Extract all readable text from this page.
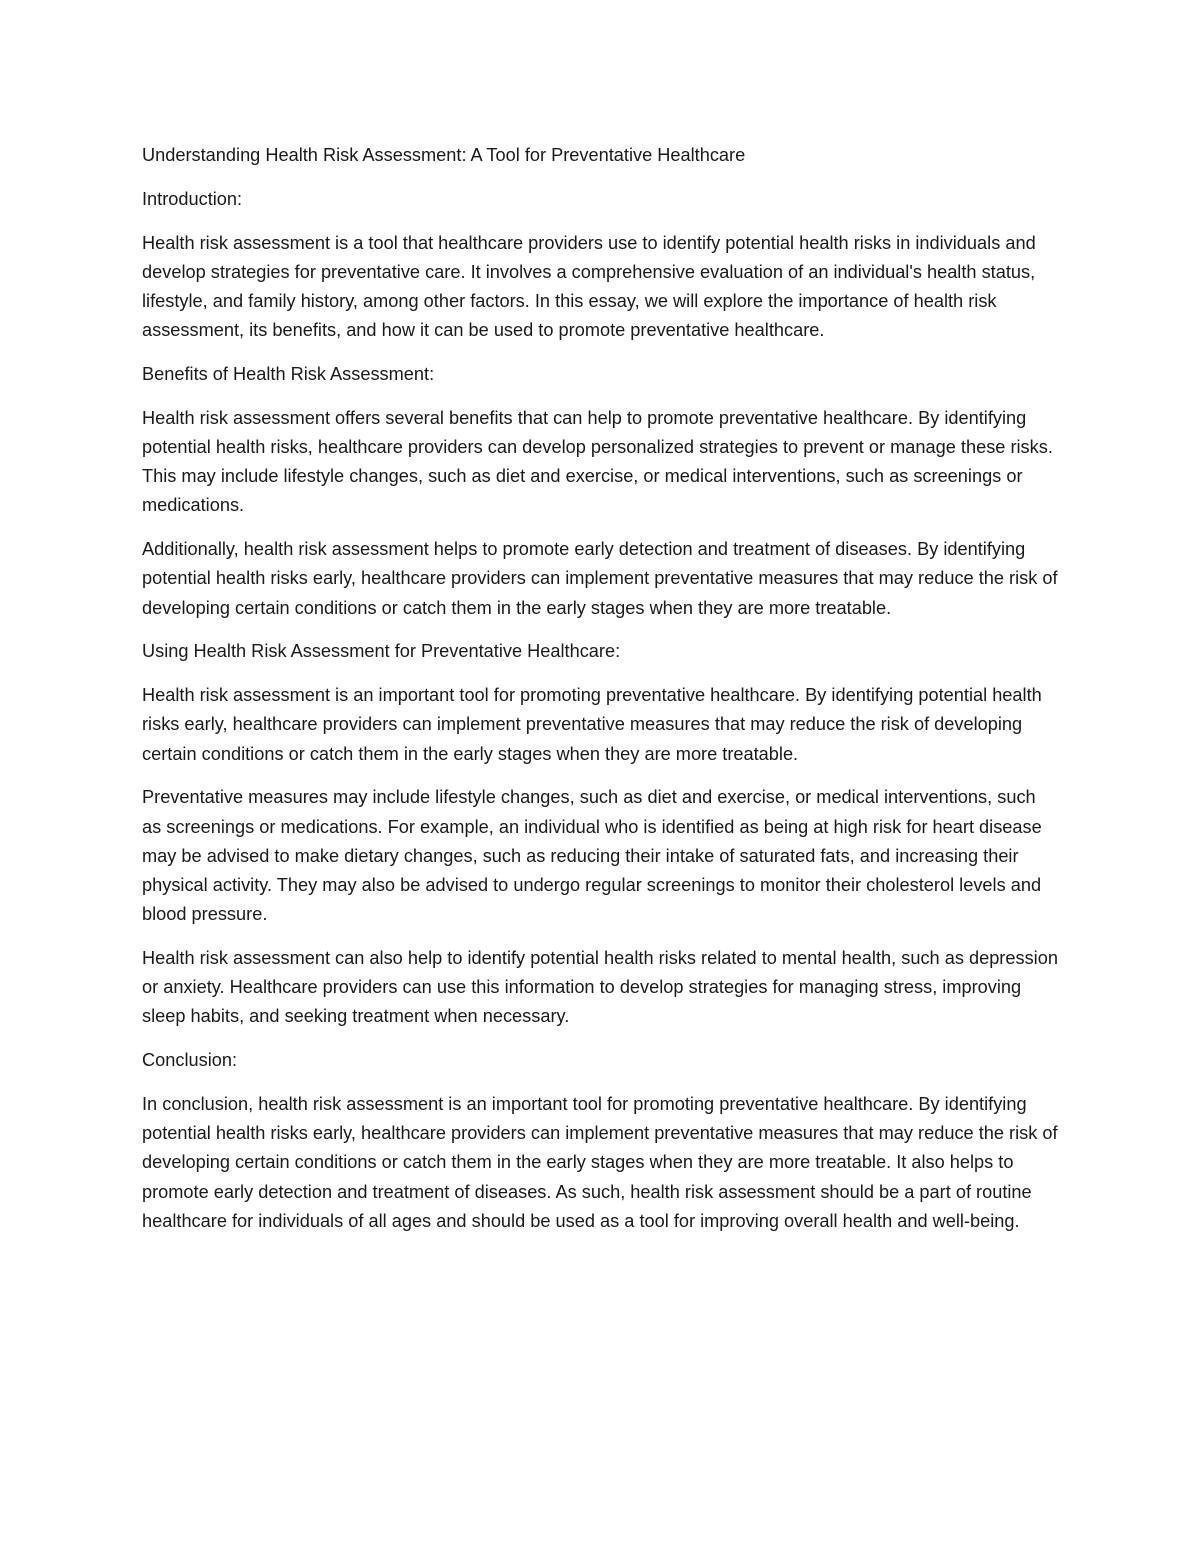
Understanding Health Risk Assessment: A Tool for Preventative Healthcare

Introduction:

Health risk assessment is a tool that healthcare providers use to identify potential health risks in individuals and develop strategies for preventative care. It involves a comprehensive evaluation of an individual's health status, lifestyle, and family history, among other factors. In this essay, we will explore the importance of health risk assessment, its benefits, and how it can be used to promote preventative healthcare.

Benefits of Health Risk Assessment:

Health risk assessment offers several benefits that can help to promote preventative healthcare. By identifying potential health risks, healthcare providers can develop personalized strategies to prevent or manage these risks. This may include lifestyle changes, such as diet and exercise, or medical interventions, such as screenings or medications.

Additionally, health risk assessment helps to promote early detection and treatment of diseases. By identifying potential health risks early, healthcare providers can implement preventative measures that may reduce the risk of developing certain conditions or catch them in the early stages when they are more treatable.

Using Health Risk Assessment for Preventative Healthcare:

Health risk assessment is an important tool for promoting preventative healthcare. By identifying potential health risks early, healthcare providers can implement preventative measures that may reduce the risk of developing certain conditions or catch them in the early stages when they are more treatable.

Preventative measures may include lifestyle changes, such as diet and exercise, or medical interventions, such as screenings or medications. For example, an individual who is identified as being at high risk for heart disease may be advised to make dietary changes, such as reducing their intake of saturated fats, and increasing their physical activity. They may also be advised to undergo regular screenings to monitor their cholesterol levels and blood pressure.

Health risk assessment can also help to identify potential health risks related to mental health, such as depression or anxiety. Healthcare providers can use this information to develop strategies for managing stress, improving sleep habits, and seeking treatment when necessary.

Conclusion:

In conclusion, health risk assessment is an important tool for promoting preventative healthcare. By identifying potential health risks early, healthcare providers can implement preventative measures that may reduce the risk of developing certain conditions or catch them in the early stages when they are more treatable. It also helps to promote early detection and treatment of diseases. As such, health risk assessment should be a part of routine healthcare for individuals of all ages and should be used as a tool for improving overall health and well-being.
